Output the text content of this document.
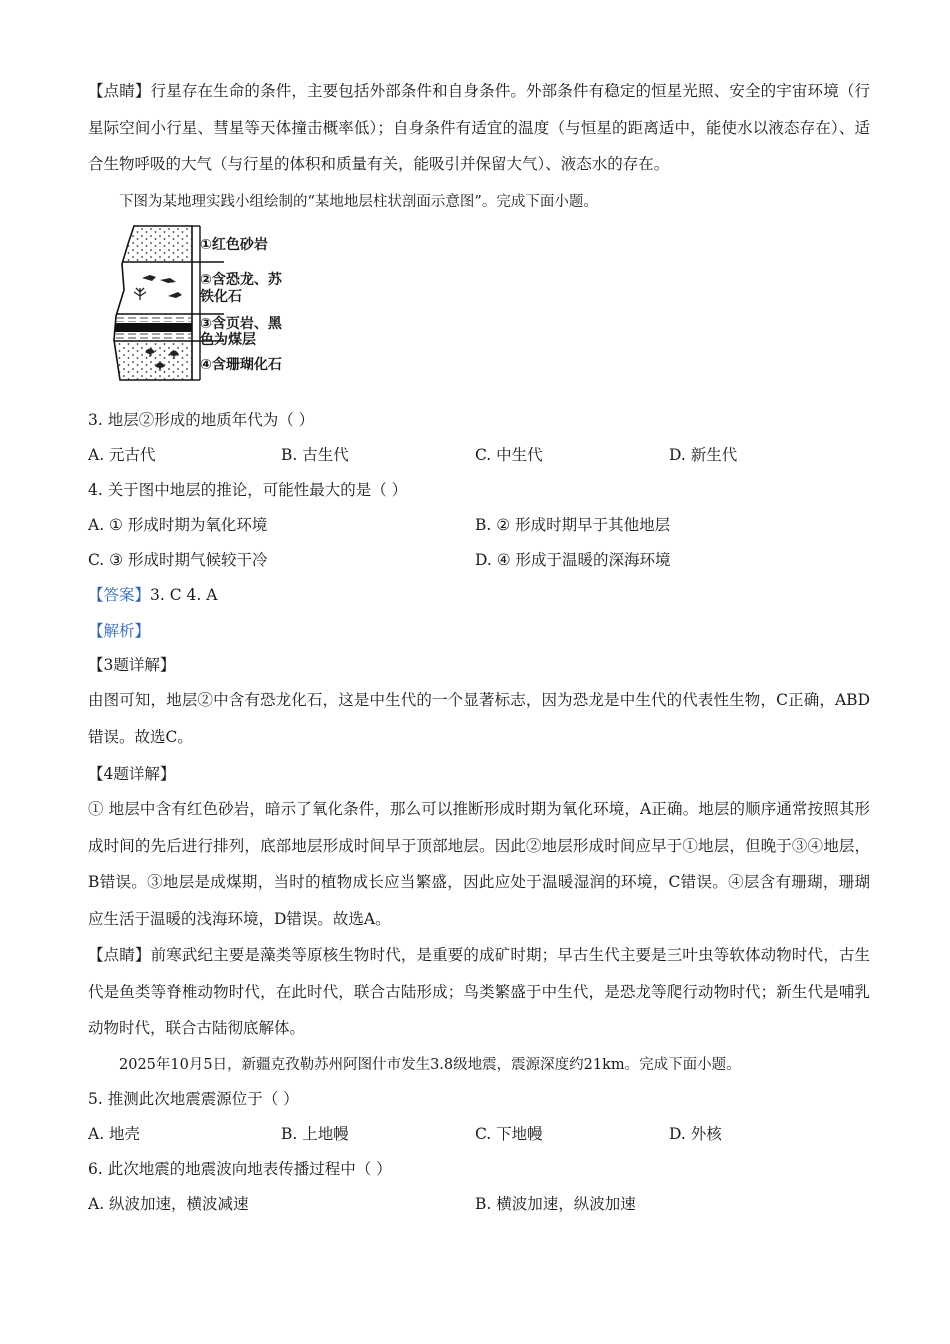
【点睛】行星存在生命的条件，主要包括外部条件和自身条件。外部条件有稳定的恒星光照、安全的宇宙环境（行星际空间小行星、彗星等天体撞击概率低）；自身条件有适宜的温度（与恒星的距离适中，能使水以液态存在）、适合生物呼吸的大气（与行星的体积和质量有关，能吸引并保留大气）、液态水的存在。
下图为某地理实践小组绘制的“某地地层柱状剖面示意图”。完成下面小题。
①红色砂岩
②含恐龙、苏
铁化石
③含页岩、黑
色为煤层
④含珊瑚化石
3. 地层②形成的地质年代为（ ）
A. 元古代	B. 古生代	C. 中生代	D. 新生代
4. 关于图中地层的推论，可能性最大的是（ ）
A. ① 形成时期为氧化环境	B. ② 形成时期早于其他地层
C. ③ 形成时期气候较干冷	D. ④ 形成于温暖的深海环境
【答案】3. C 4. A
【解析】
【3题详解】
由图可知，地层②中含有恐龙化石，这是中生代的一个显著标志，因为恐龙是中生代的代表性生物，C正确，ABD错误。故选C。
【4题详解】
① 地层中含有红色砂岩，暗示了氧化条件，那么可以推断形成时期为氧化环境，A正确。地层的顺序通常按照其形成时间的先后进行排列，底部地层形成时间早于顶部地层。因此②地层形成时间应早于①地层，但晚于③④地层，B错误。③地层是成煤期，当时的植物成长应当繁盛，因此应处于温暖湿润的环境，C错误。④层含有珊瑚，珊瑚应生活于温暖的浅海环境，D错误。故选A。
【点睛】前寒武纪主要是藻类等原核生物时代，是重要的成矿时期；早古生代主要是三叶虫等软体动物时代，古生代是鱼类等脊椎动物时代，在此时代，联合古陆形成；鸟类繁盛于中生代，是恐龙等爬行动物时代；新生代是哺乳动物时代，联合古陆彻底解体。
2025年10月5日，新疆克孜勒苏州阿图什市发生3.8级地震，震源深度约21km。完成下面小题。
5. 推测此次地震震源位于（ ）
A. 地壳	B. 上地幔	C. 下地幔	D. 外核
6. 此次地震的地震波向地表传播过程中（ ）
A. 纵波加速，横波减速	B. 横波加速，纵波加速
